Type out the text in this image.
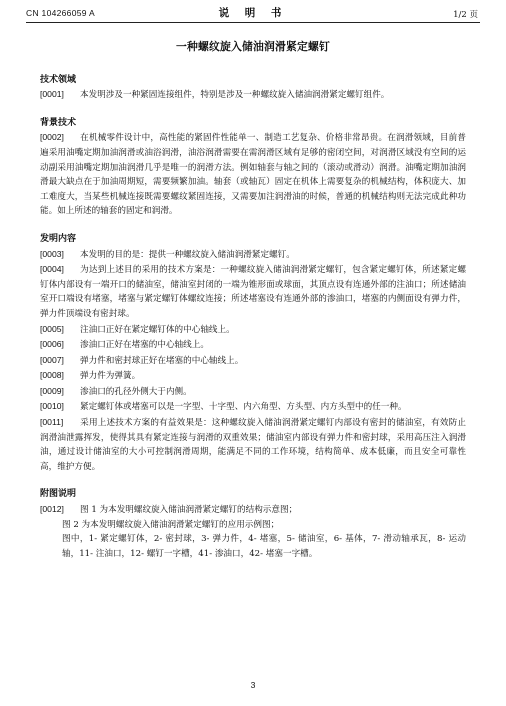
CN 104266059 A	说 明 书	1/2 页

一种螺纹旋入储油润滑紧定螺钉

技术领域

[0001] 本发明涉及一种紧固连接组件，特别是涉及一种螺纹旋入储油润滑紧定螺钉组件。

背景技术

[0002] 在机械零件设计中，高性能的紧固件性能单一、制造工艺复杂、价格非常昂贵。在润滑领域，目前普遍采用油嘴定期加油润滑或油浴润滑，油浴润滑需要在需润滑区域有足够的密闭空间，对润滑区域没有空间的运动副采用油嘴定期加油润滑几乎是唯一的润滑方法。例如轴套与轴之间的（滚动或滑动）润滑。油嘴定期加油润滑最大缺点在于加油周期短，需要频繁加油。轴套（或轴瓦）固定在机体上需要复杂的机械结构，体积庞大、加工难度大，当某些机械连接既需要螺纹紧固连接，又需要加注润滑油的时候，普通的机械结构则无法完成此种功能。如上所述的轴套的固定和润滑。

发明内容

[0003] 本发明的目的是：提供一种螺纹旋入储油润滑紧定螺钉。

[0004] 为达到上述目的采用的技术方案是：一种螺纹旋入储油润滑紧定螺钉，包含紧定螺钉体，所述紧定螺钉体内部设有一端开口的储油室，储油室封闭的一端为锥形面或球面，其顶点设有连通外部的注油口；所述储油室开口端设有堵塞，堵塞与紧定螺钉体螺纹连接；所述堵塞设有连通外部的渗油口，堵塞的内侧面设有弹力件，弹力件顶端设有密封球。

[0005] 注油口正好在紧定螺钉体的中心轴线上。

[0006] 渗油口正好在堵塞的中心轴线上。

[0007] 弹力件和密封球正好在堵塞的中心轴线上。

[0008] 弹力件为弹簧。

[0009] 渗油口的孔径外侧大于内侧。

[0010] 紧定螺钉体或堵塞可以是一字型、十字型、内六角型、方头型、内方头型中的任一种。

[0011] 采用上述技术方案的有益效果是：这种螺纹旋入储油润滑紧定螺钉内部设有密封的储油室，有效防止润滑油泄露挥发，使得其具有紧定连接与润滑的双重效果；储油室内部设有弹力件和密封球，采用高压注入润滑油，通过设计储油室的大小可控制润滑周期，能满足不同的工作环境，结构简单、成本低廉，而且安全可靠性高，维护方便。

附图说明

[0012] 图 1 为本发明螺纹旋入储油润滑紧定螺钉的结构示意图；

图 2 为本发明螺纹旋入储油润滑紧定螺钉的应用示例图；

图中，1- 紧定螺钉体，2- 密封球，3- 弹力件，4- 堵塞，5- 储油室，6- 基体，7- 滑动轴承瓦，8- 运动轴，11- 注油口，12- 螺钉一字槽，41- 渗油口，42- 堵塞一字槽。

3
